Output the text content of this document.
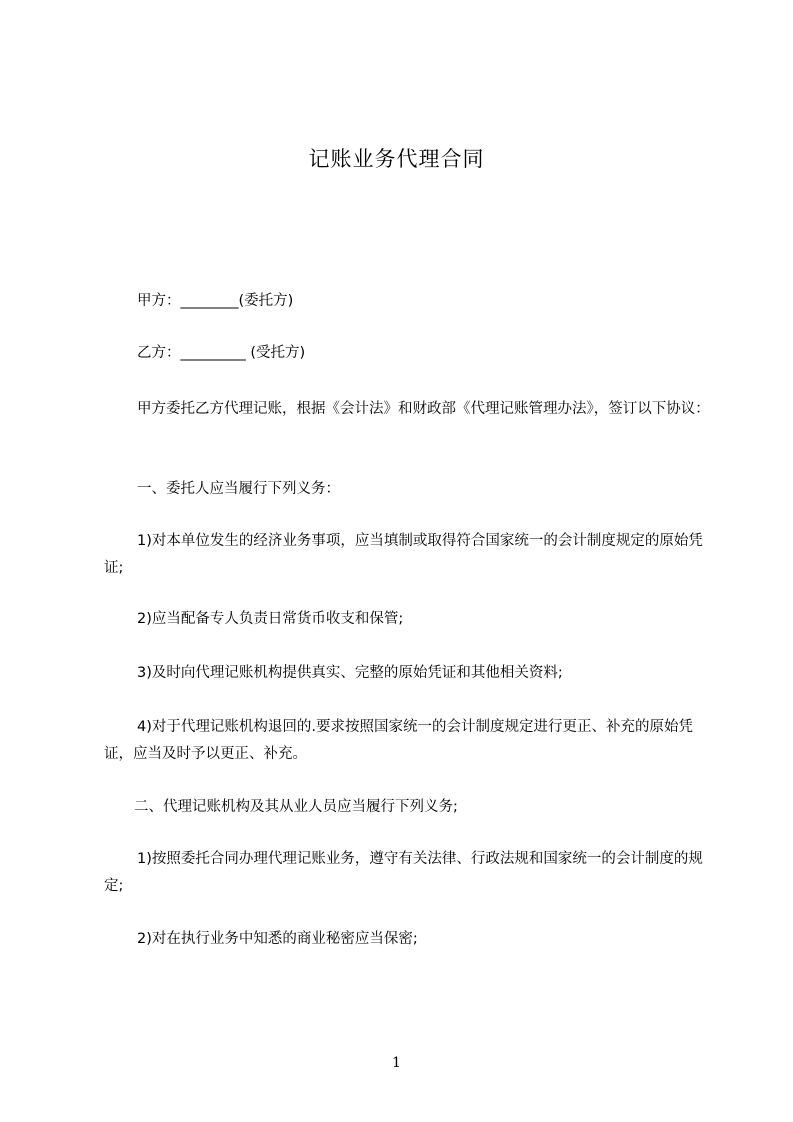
记账业务代理合同
甲方：________(委托方)
乙方：_________ (受托方)
甲方委托乙方代理记账，根据《会计法》和财政部《代理记账管理办法》，签订以下协议：
一、委托人应当履行下列义务：
1)对本单位发生的经济业务事项，应当填制或取得符合国家统一的会计制度规定的原始凭证;
2)应当配备专人负责日常货币收支和保管;
3)及时向代理记账机构提供真实、完整的原始凭证和其他相关资料;
4)对于代理记账机构退回的.要求按照国家统一的会计制度规定进行更正、补充的原始凭证，应当及时予以更正、补充。
二、代理记账机构及其从业人员应当履行下列义务;
1)按照委托合同办理代理记账业务，遵守有关法律、行政法规和国家统一的会计制度的规定;
2)对在执行业务中知悉的商业秘密应当保密;
1
